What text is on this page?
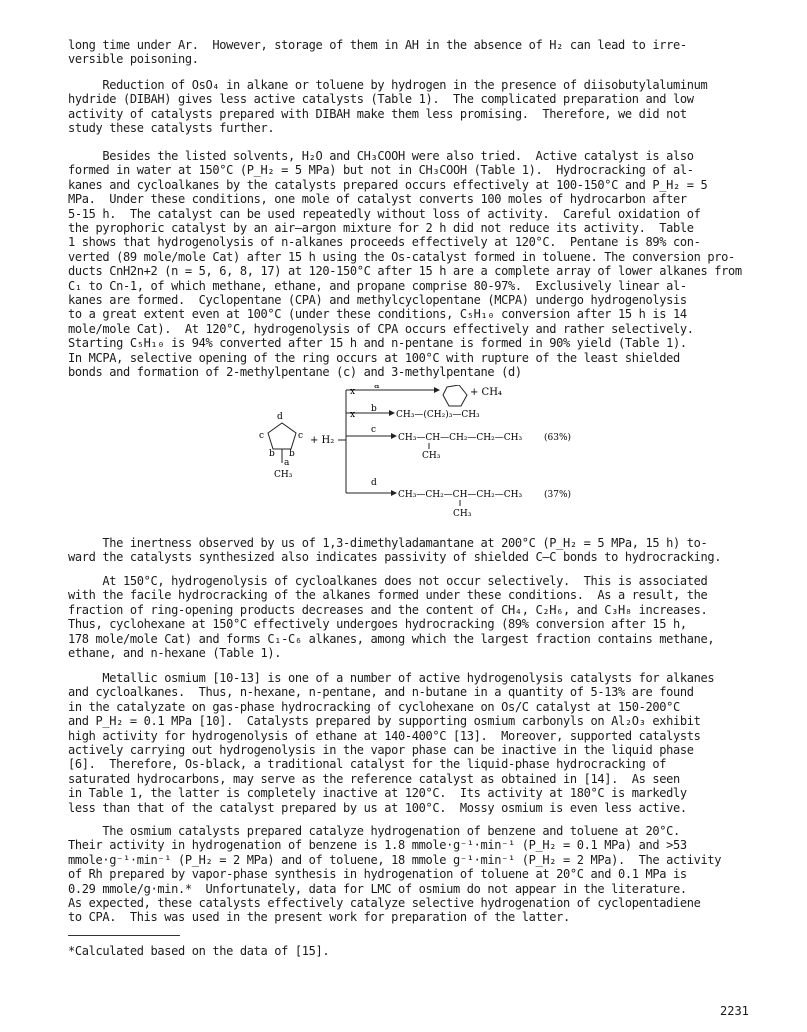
long time under Ar.  However, storage of them in AH in the absence of H₂ can lead to irre-
versible poisoning.

Reduction of OsO₄ in alkane or toluene by hydrogen in the presence of diisobutylaluminum
hydride (DIBAH) gives less active catalysts (Table 1).  The complicated preparation and low
activity of catalysts prepared with DIBAH make them less promising.  Therefore, we did not
study these catalysts further.

Besides the listed solvents, H₂O and CH₃COOH were also tried.  Active catalyst is also
formed in water at 150°C (P_H₂ = 5 MPa) but not in CH₃COOH (Table 1).  Hydrocracking of al-
kanes and cycloalkanes by the catalysts prepared occurs effectively at 100-150°C and P_H₂ = 5
MPa.  Under these conditions, one mole of catalyst converts 100 moles of hydrocarbon after
5-15 h.  The catalyst can be used repeatedly without loss of activity.  Careful oxidation of
the pyrophoric catalyst by an air—argon mixture for 2 h did not reduce its activity.  Table
1 shows that hydrogenolysis of n-alkanes proceeds effectively at 120°C.  Pentane is 89% con-
verted (89 mole/mole Cat) after 15 h using the Os-catalyst formed in toluene. The conversion pro-
ducts CnH2n+2 (n = 5, 6, 8, 17) at 120-150°C after 15 h are a complete array of lower alkanes from
C₁ to Cn-1, of which methane, ethane, and propane comprise 80-97%.  Exclusively linear al-
kanes are formed.  Cyclopentane (CPA) and methylcyclopentane (MCPA) undergo hydrogenolysis
to a great extent even at 100°C (under these conditions, C₅H₁₀ conversion after 15 h is 14
mole/mole Cat).  At 120°C, hydrogenolysis of CPA occurs effectively and rather selectively.
Starting C₅H₁₀ is 94% converted after 15 h and n-pentane is formed in 90% yield (Table 1).
In MCPA, selective opening of the ring occurs at 100°C with rupture of the least shielded
bonds and formation of 2-methylpentane (c) and 3-methylpentane (d)

d
c	c
b b
a
CH₃
+ H₂
x
a
+ CH₄
x
b
CH₃—(CH₂)₃—CH₃
c
CH₃—CH—CH₂—CH₂—CH₃
CH₃
(63%)
d
CH₃—CH₂—CH—CH₂—CH₃
CH₃
(37%)

The inertness observed by us of 1,3-dimethyladamantane at 200°C (P_H₂ = 5 MPa, 15 h) to-
ward the catalysts synthesized also indicates passivity of shielded C—C bonds to hydrocracking.

At 150°C, hydrogenolysis of cycloalkanes does not occur selectively.  This is associated
with the facile hydrocracking of the alkanes formed under these conditions.  As a result, the
fraction of ring-opening products decreases and the content of CH₄, C₂H₆, and C₃H₈ increases.
Thus, cyclohexane at 150°C effectively undergoes hydrocracking (89% conversion after 15 h,
178 mole/mole Cat) and forms C₁-C₆ alkanes, among which the largest fraction contains methane,
ethane, and n-hexane (Table 1).

Metallic osmium [10-13] is one of a number of active hydrogenolysis catalysts for alkanes
and cycloalkanes.  Thus, n-hexane, n-pentane, and n-butane in a quantity of 5-13% are found
in the catalyzate on gas-phase hydrocracking of cyclohexane on Os/C catalyst at 150-200°C
and P_H₂ = 0.1 MPa [10].  Catalysts prepared by supporting osmium carbonyls on Al₂O₃ exhibit
high activity for hydrogenolysis of ethane at 140-400°C [13].  Moreover, supported catalysts
actively carrying out hydrogenolysis in the vapor phase can be inactive in the liquid phase
[6].  Therefore, Os-black, a traditional catalyst for the liquid-phase hydrocracking of
saturated hydrocarbons, may serve as the reference catalyst as obtained in [14].  As seen
in Table 1, the latter is completely inactive at 120°C.  Its activity at 180°C is markedly
less than that of the catalyst prepared by us at 100°C.  Mossy osmium is even less active.

The osmium catalysts prepared catalyze hydrogenation of benzene and toluene at 20°C.
Their activity in hydrogenation of benzene is 1.8 mmole·g⁻¹·min⁻¹ (P_H₂ = 0.1 MPa) and >53
mmole·g⁻¹·min⁻¹ (P_H₂ = 2 MPa) and of toluene, 18 mmole g⁻¹·min⁻¹ (P_H₂ = 2 MPa).  The activity
of Rh prepared by vapor-phase synthesis in hydrogenation of toluene at 20°C and 0.1 MPa is
0.29 mmole/g·min.*  Unfortunately, data for LMC of osmium do not appear in the literature.
As expected, these catalysts effectively catalyze selective hydrogenation of cyclopentadiene
to CPA.  This was used in the present work for preparation of the latter.

*Calculated based on the data of [15].
2231
